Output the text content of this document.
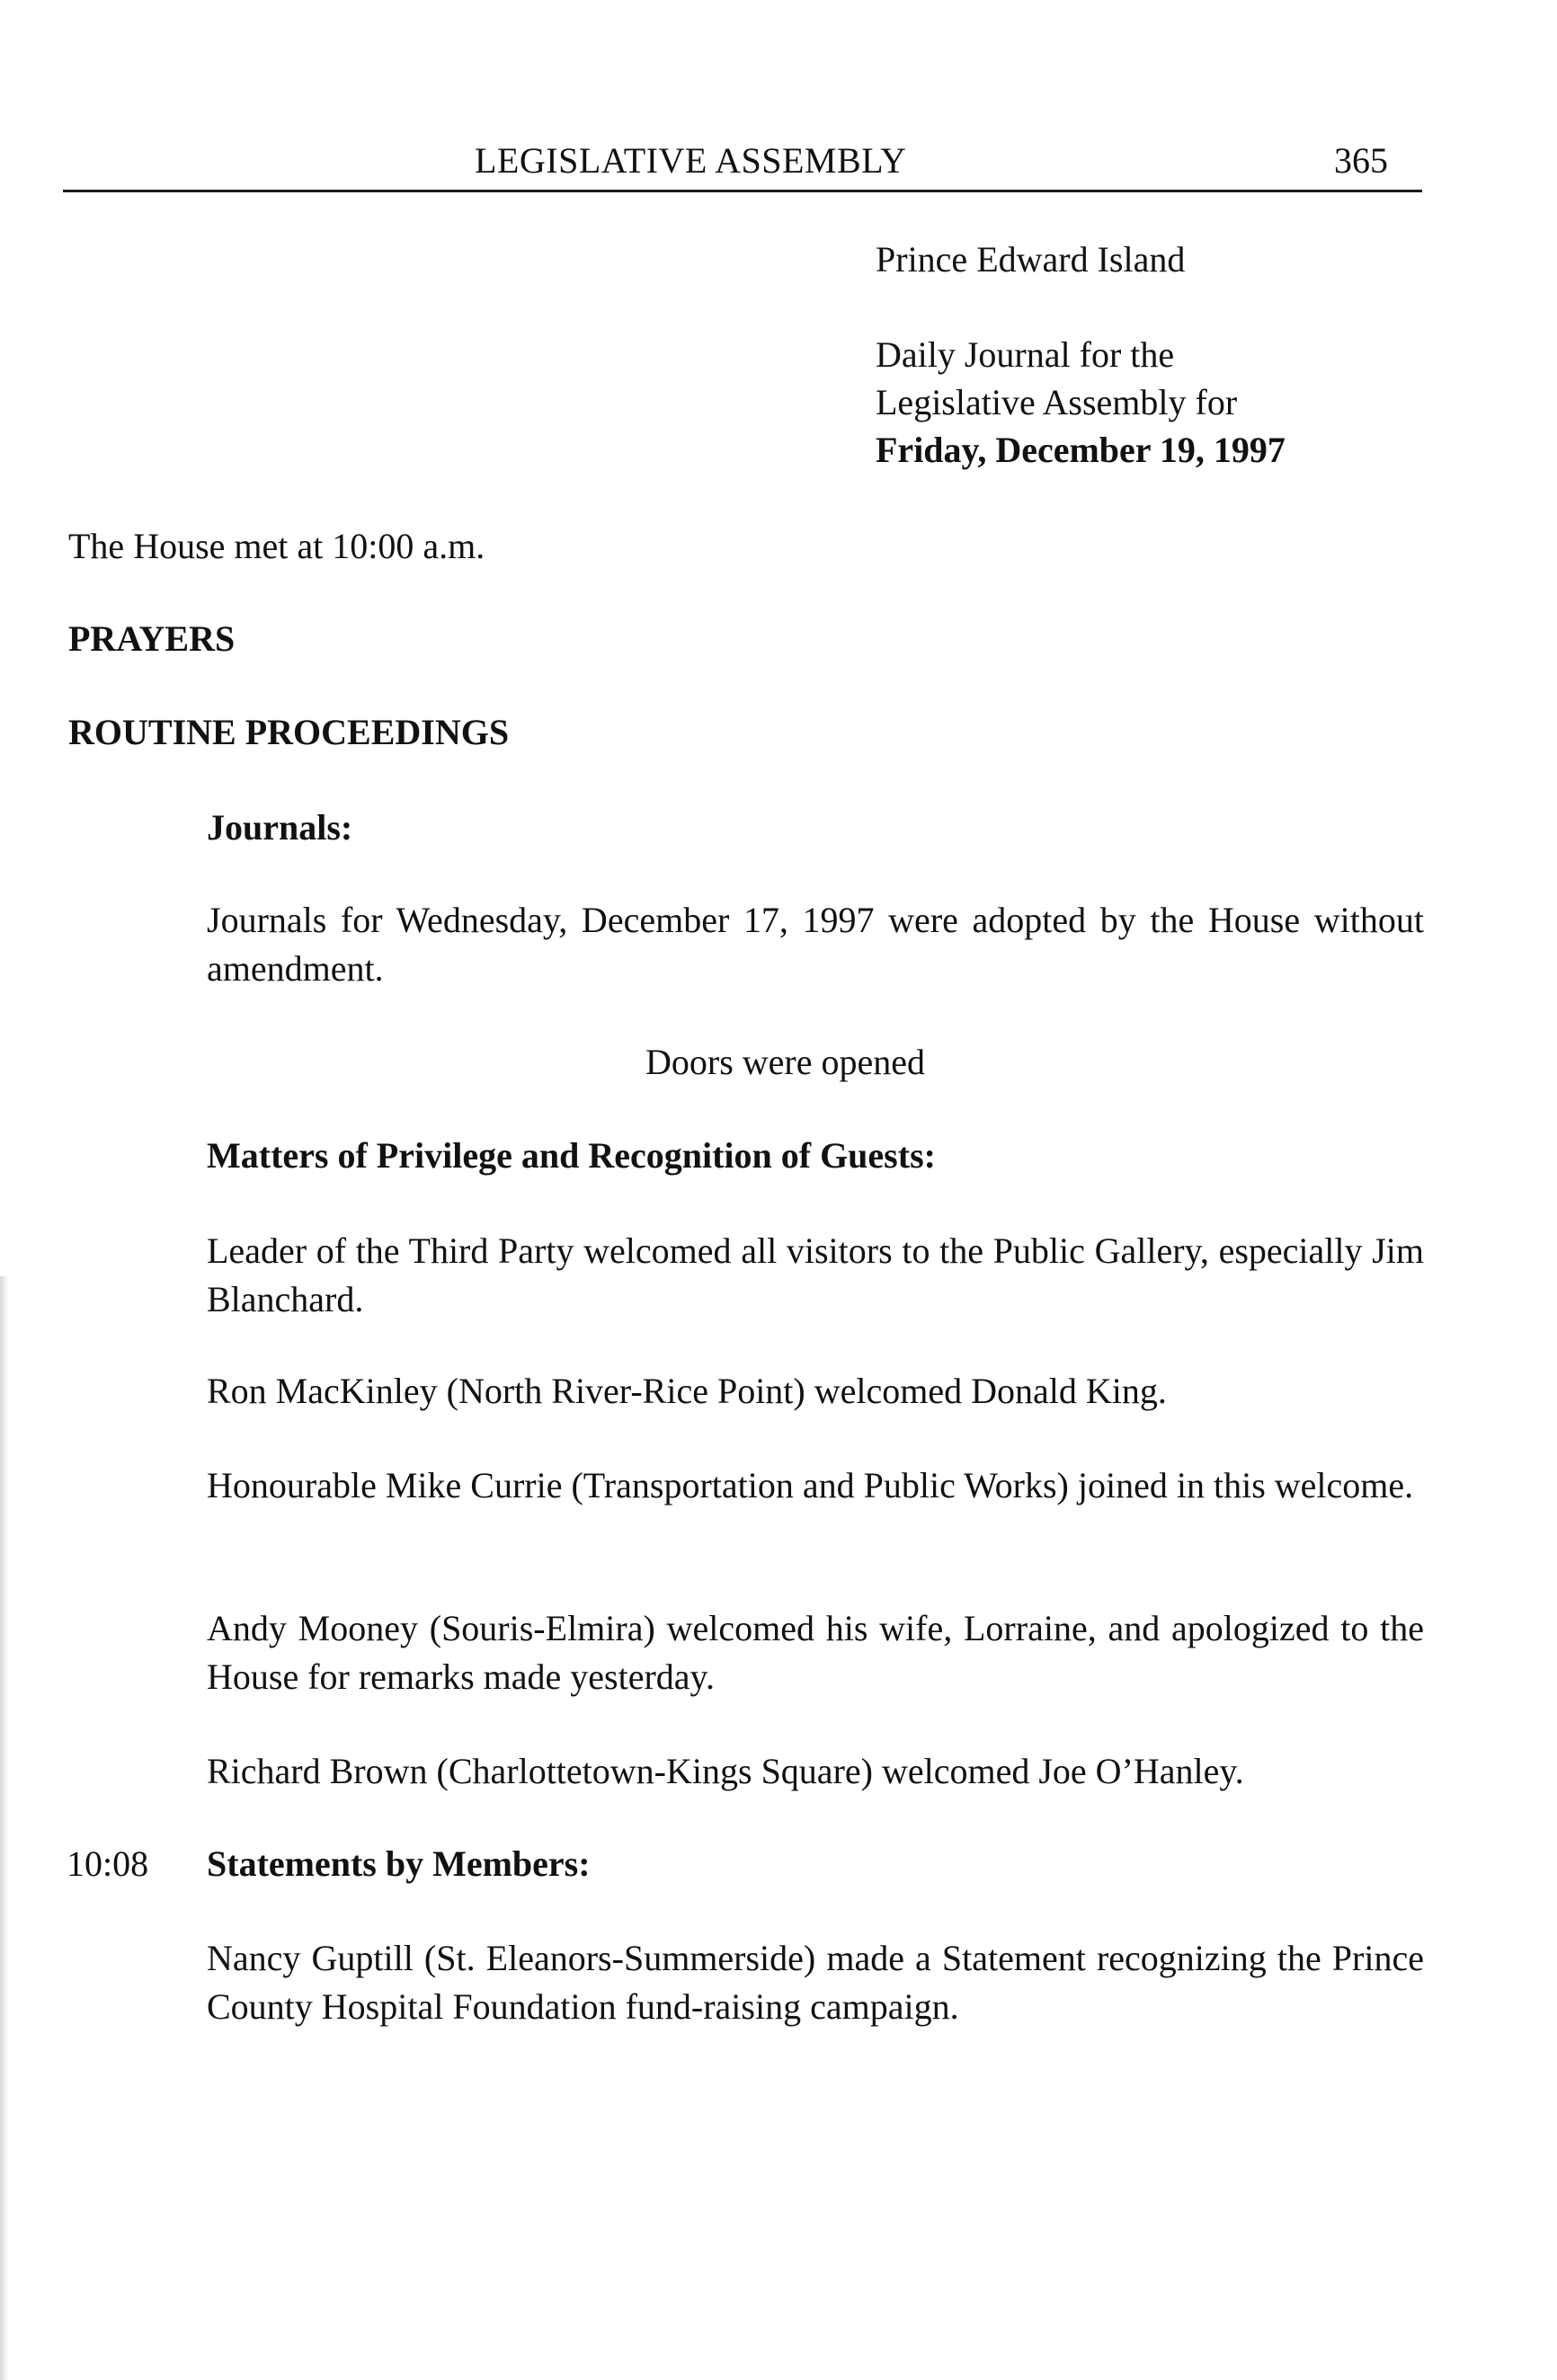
LEGISLATIVE ASSEMBLY	365

Prince Edward Island

Daily Journal for the

Legislative Assembly for

Friday, December 19, 1997

The House met at 10:00 a.m.

PRAYERS

ROUTINE PROCEEDINGS

Journals:

Journals for Wednesday, December 17, 1997 were adopted by the House without amendment.

Doors were opened

Matters of Privilege and Recognition of Guests:

Leader of the Third Party welcomed all visitors to the Public Gallery, especially Jim Blanchard.

Ron MacKinley (North River-Rice Point) welcomed Donald King.

Honourable Mike Currie (Transportation and Public Works) joined in this welcome.

Andy Mooney (Souris-Elmira) welcomed his wife, Lorraine, and apologized to the House for remarks made yesterday.

Richard Brown (Charlottetown-Kings Square) welcomed Joe O’Hanley.

10:08 Statements by Members:

Nancy Guptill (St. Eleanors-Summerside) made a Statement recognizing the Prince County Hospital Foundation fund-raising campaign.
